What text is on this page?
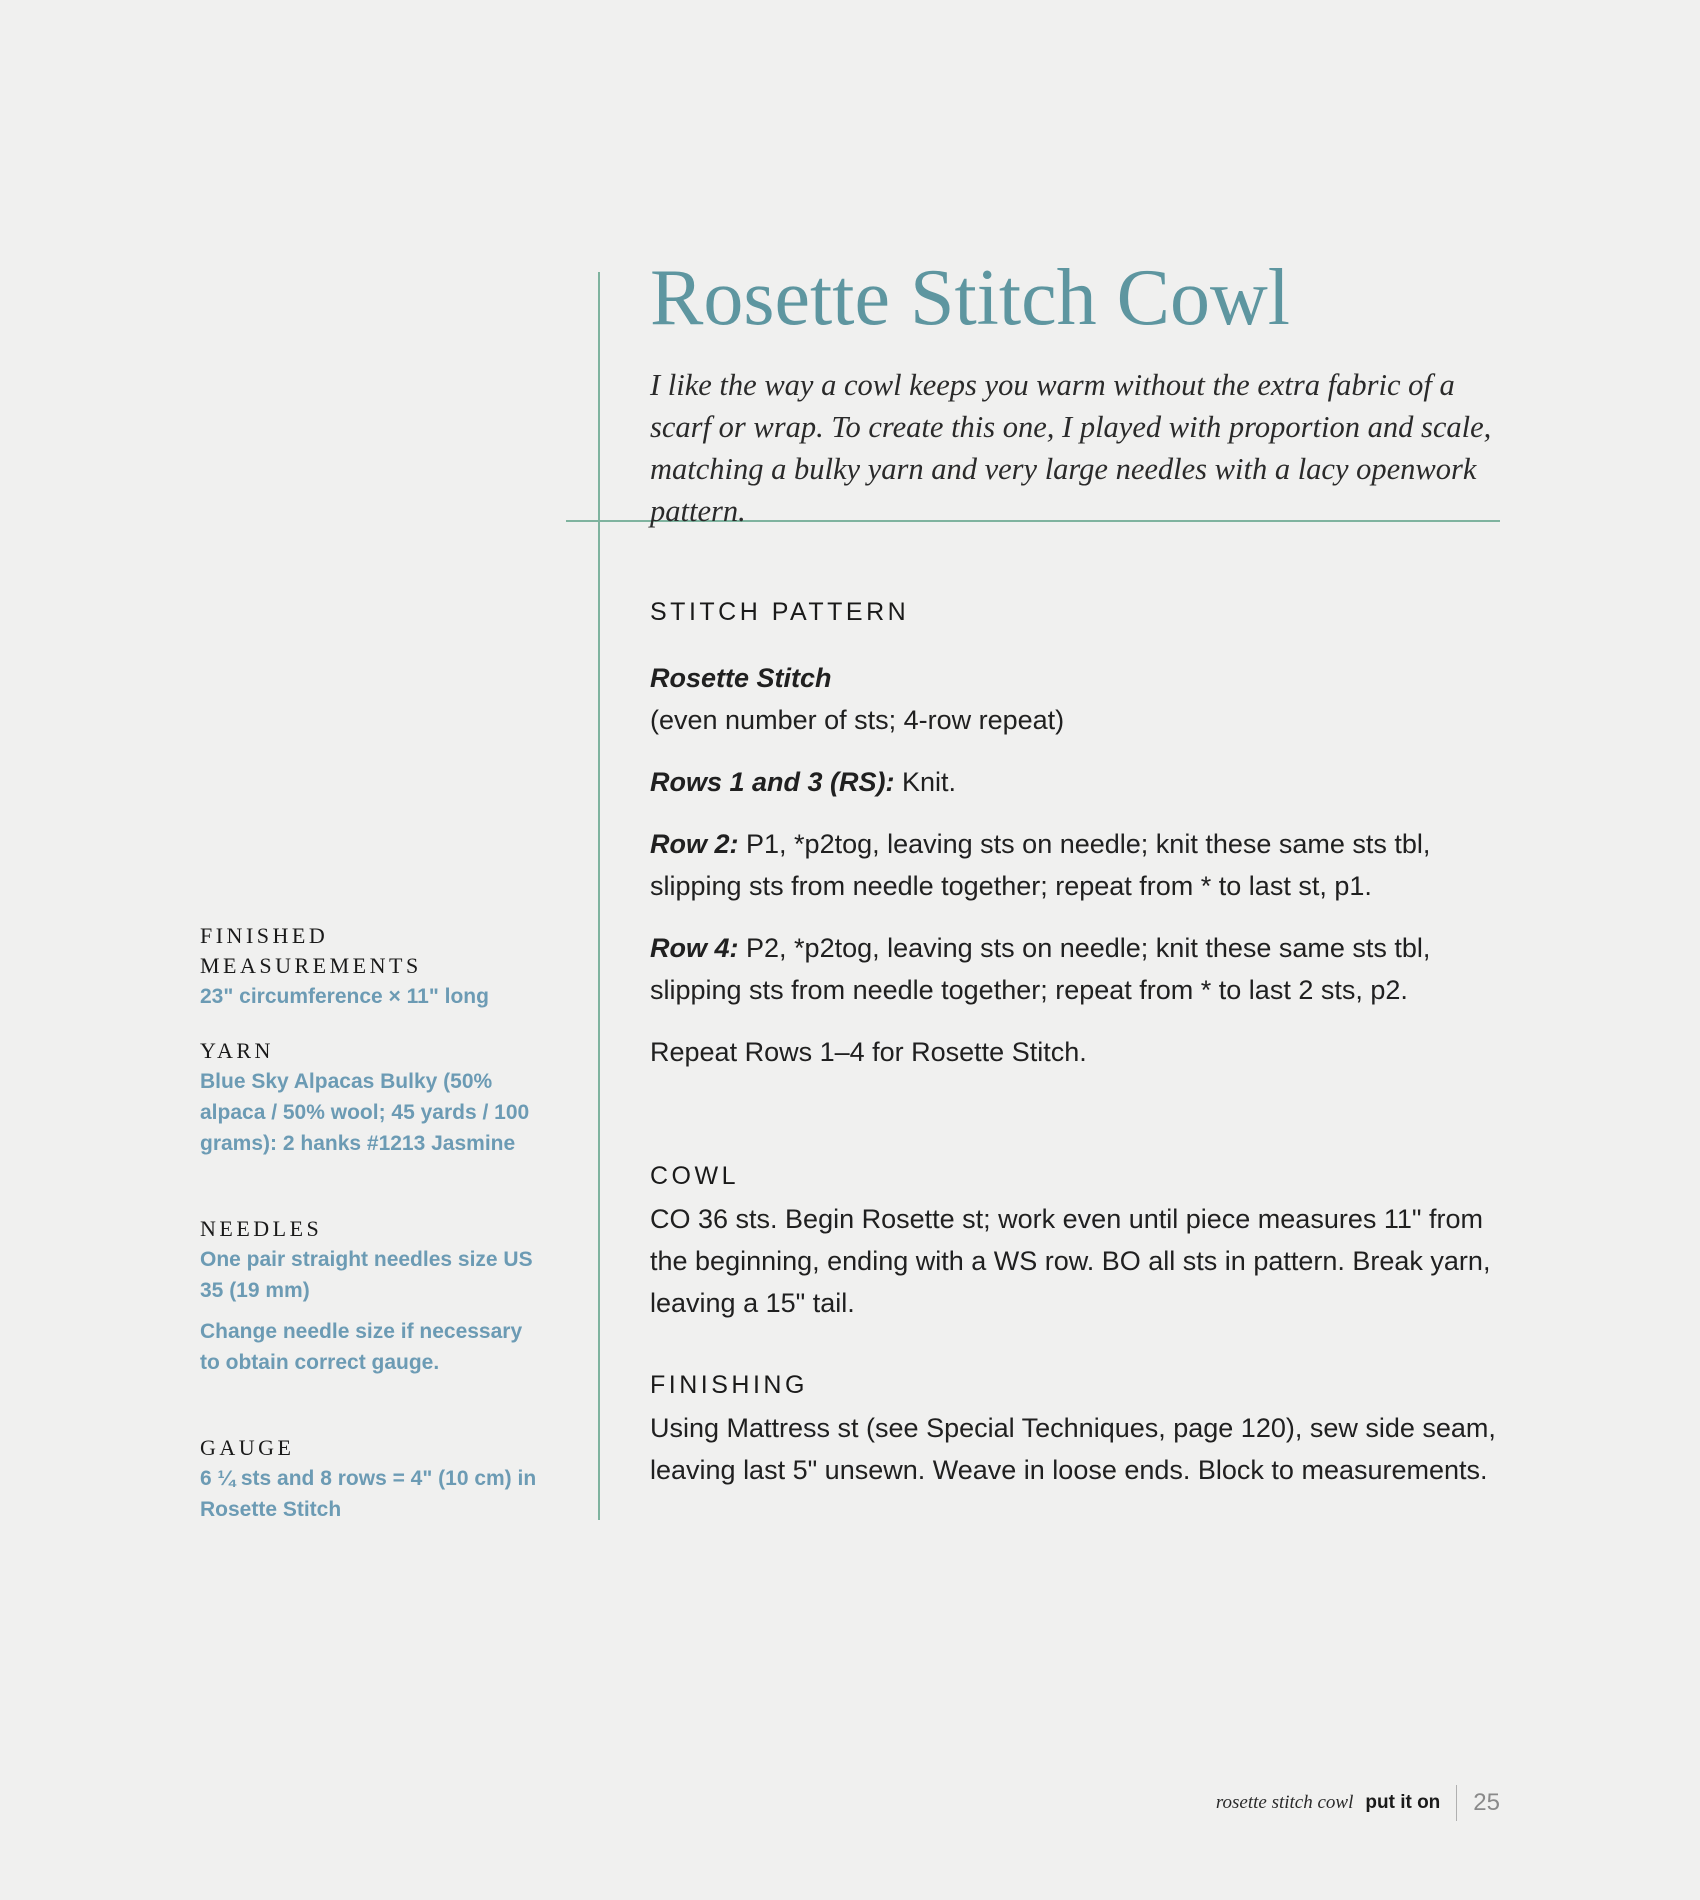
Rosette Stitch Cowl

I like the way a cowl keeps you warm without the extra fabric of a scarf or wrap. To create this one, I played with proportion and scale, matching a bulky yarn and very large needles with a lacy openwork pattern.

STITCH PATTERN

Rosette Stitch

(even number of sts; 4-row repeat)

Rows 1 and 3 (RS): Knit.

Row 2: P1, *p2tog, leaving sts on needle; knit these same sts tbl, slipping sts from needle together; repeat from * to last st, p1.

Row 4: P2, *p2tog, leaving sts on needle; knit these same sts tbl, slipping sts from needle together; repeat from * to last 2 sts, p2.

Repeat Rows 1–4 for Rosette Stitch.

COWL

CO 36 sts. Begin Rosette st; work even until piece measures 11" from the beginning, ending with a WS row. BO all sts in pattern. Break yarn, leaving a 15" tail.

FINISHING

Using Mattress st (see Special Techniques, page 120), sew side seam, leaving last 5" unsewn. Weave in loose ends. Block to measurements.

FINISHED MEASUREMENTS

23" circumference × 11" long

YARN

Blue Sky Alpacas Bulky (50% alpaca / 50% wool; 45 yards / 100 grams): 2 hanks #1213 Jasmine

NEEDLES

One pair straight needles size US 35 (19 mm)

Change needle size if necessary to obtain correct gauge.

GAUGE

6 ¼ sts and 8 rows = 4" (10 cm) in Rosette Stitch

rosette stitch cowl put it on 25
